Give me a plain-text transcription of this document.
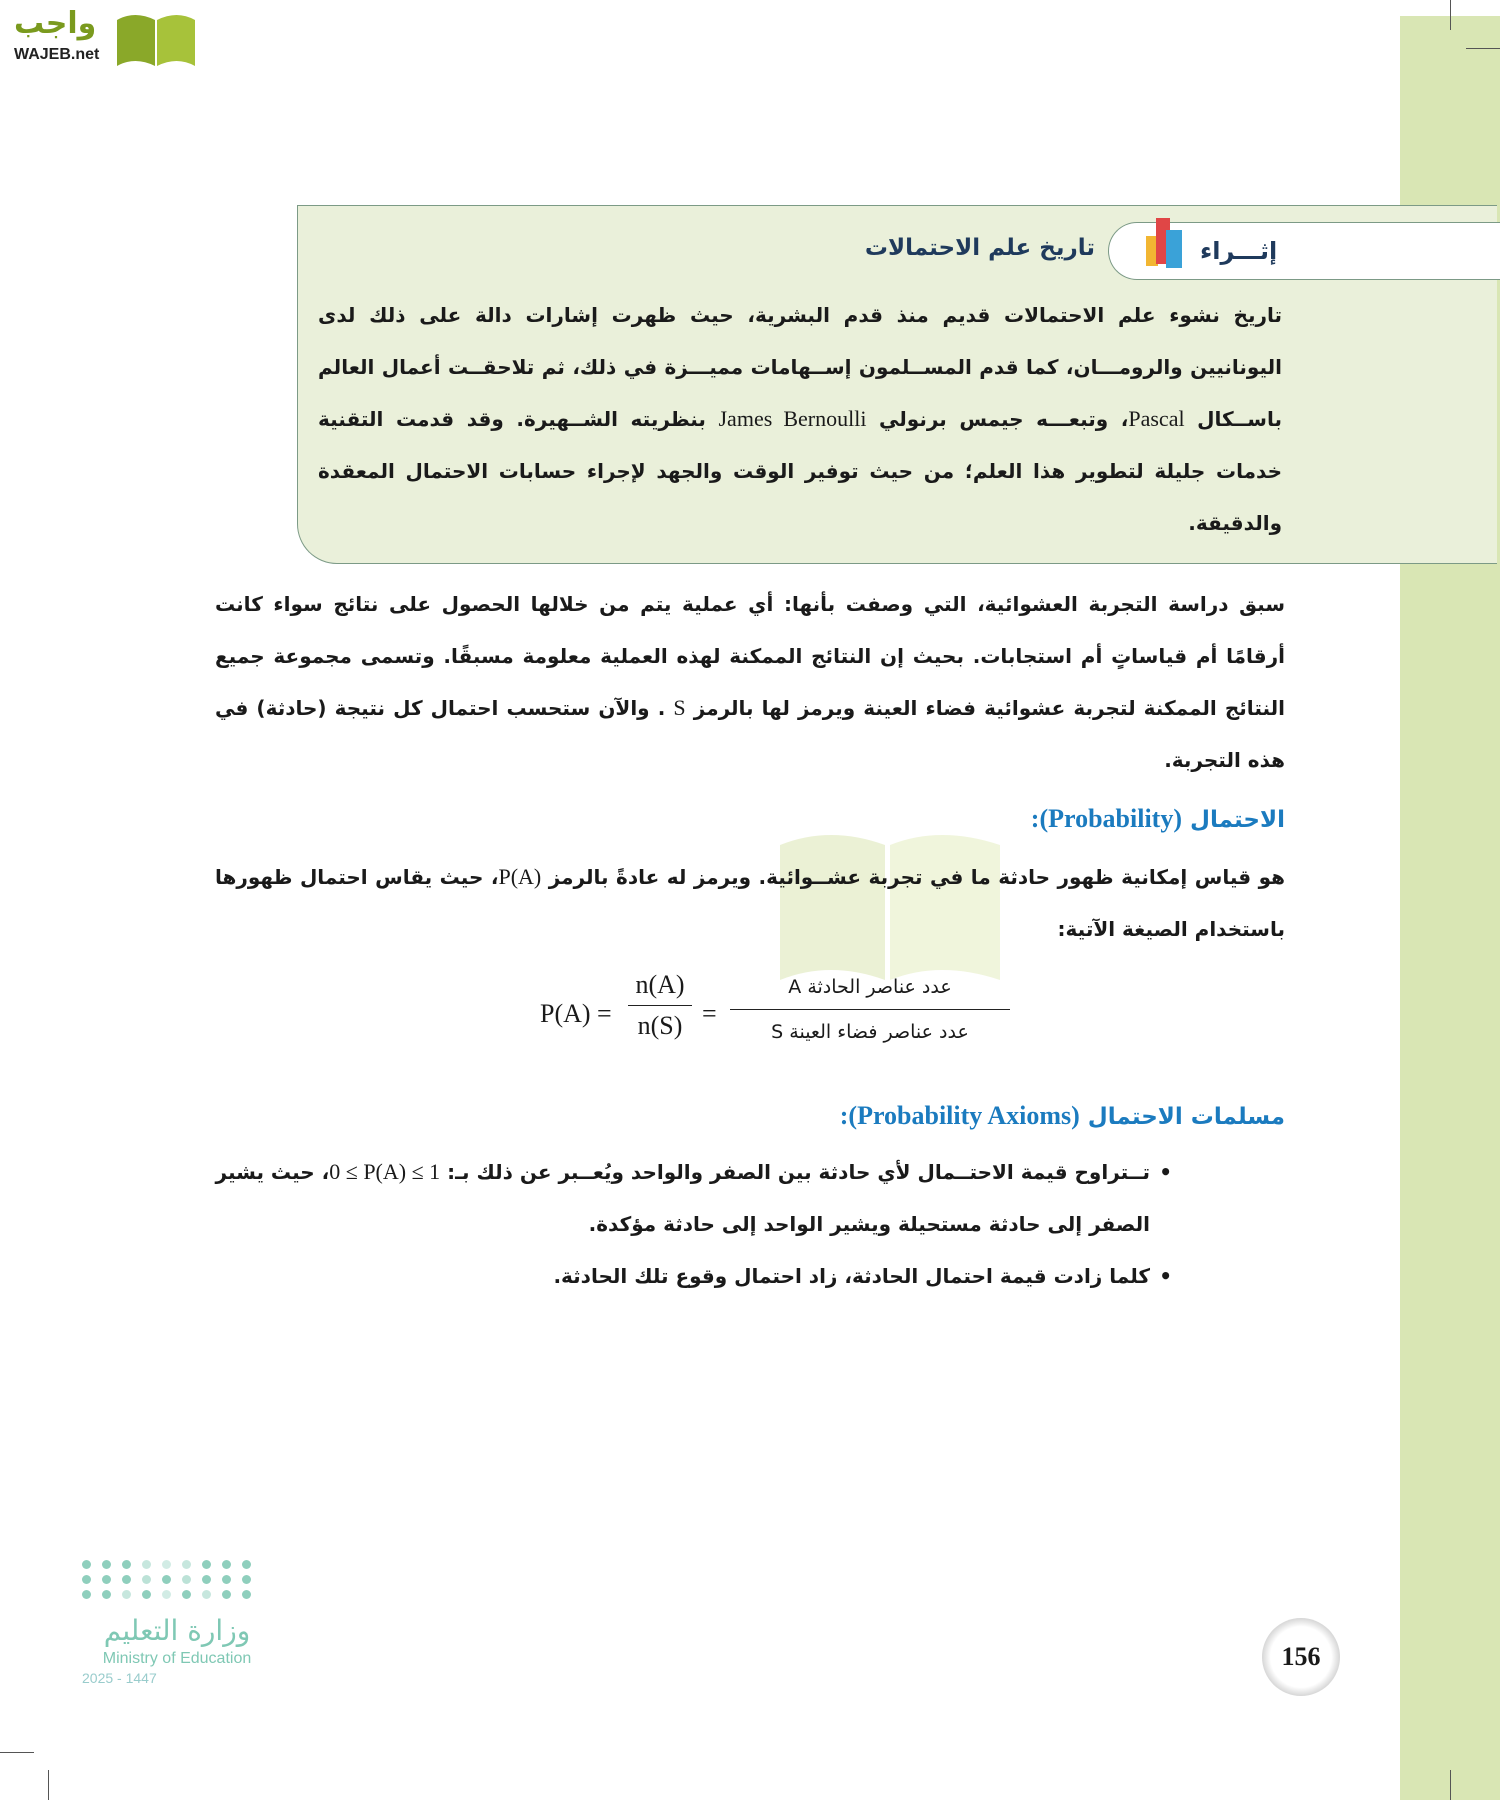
واجب
WAJEB.net
تاريخ نشوء علم الاحتمالات قديم منذ قدم البشرية، حيث ظهرت إشارات دالة على ذلك لدى اليونانيين والرومـــان، كما قدم المســلمون إســهامات مميـــزة في ذلك، ثم تلاحقــت أعمال العالم باســكال Pascal، وتبعـــه جيمس برنولي James Bernoulli بنظريته الشــهيرة. وقد قدمت التقنية خدمات جليلة لتطوير هذا العلم؛ من حيث توفير الوقت والجهد لإجراء حسابات الاحتمال المعقدة والدقيقة.
إثـــراء
تاريخ علم الاحتمالات
سبق دراسة التجربة العشوائية، التي وصفت بأنها: أي عملية يتم من خلالها الحصول على نتائج سواء كانت أرقامًا أم قياساتٍ أم استجابات. بحيث إن النتائج الممكنة لهذه العملية معلومة مسبقًا. وتسمى مجموعة جميع النتائج الممكنة لتجربة عشوائية فضاء العينة ويرمز لها بالرمز S . والآن ستحسب احتمال كل نتيجة (حادثة) في هذه التجربة.
الاحتمال (Probability):
هو قياس إمكانية ظهور حادثة ما في تجربة عشــوائية. ويرمز له عادةً بالرمز P(A)، حيث يقاس احتمال ظهورها باستخدام الصيغة الآتية:
P(A) =
n(A)
n(S) =
عدد عناصر الحادثة A
عدد عناصر فضاء العينة S
مسلمات الاحتمال (Probability Axioms):
• تــتراوح قيمة الاحتــمال لأي حادثة بين الصفر والواحد ويُعــبر عن ذلك بـ: 0 ≤ P(A) ≤ 1، حيث يشير الصفر إلى حادثة مستحيلة ويشير الواحد إلى حادثة مؤكدة.
• كلما زادت قيمة احتمال الحادثة، زاد احتمال وقوع تلك الحادثة.
وزارة التعليم
Ministry of Education
2025 - 1447
156
